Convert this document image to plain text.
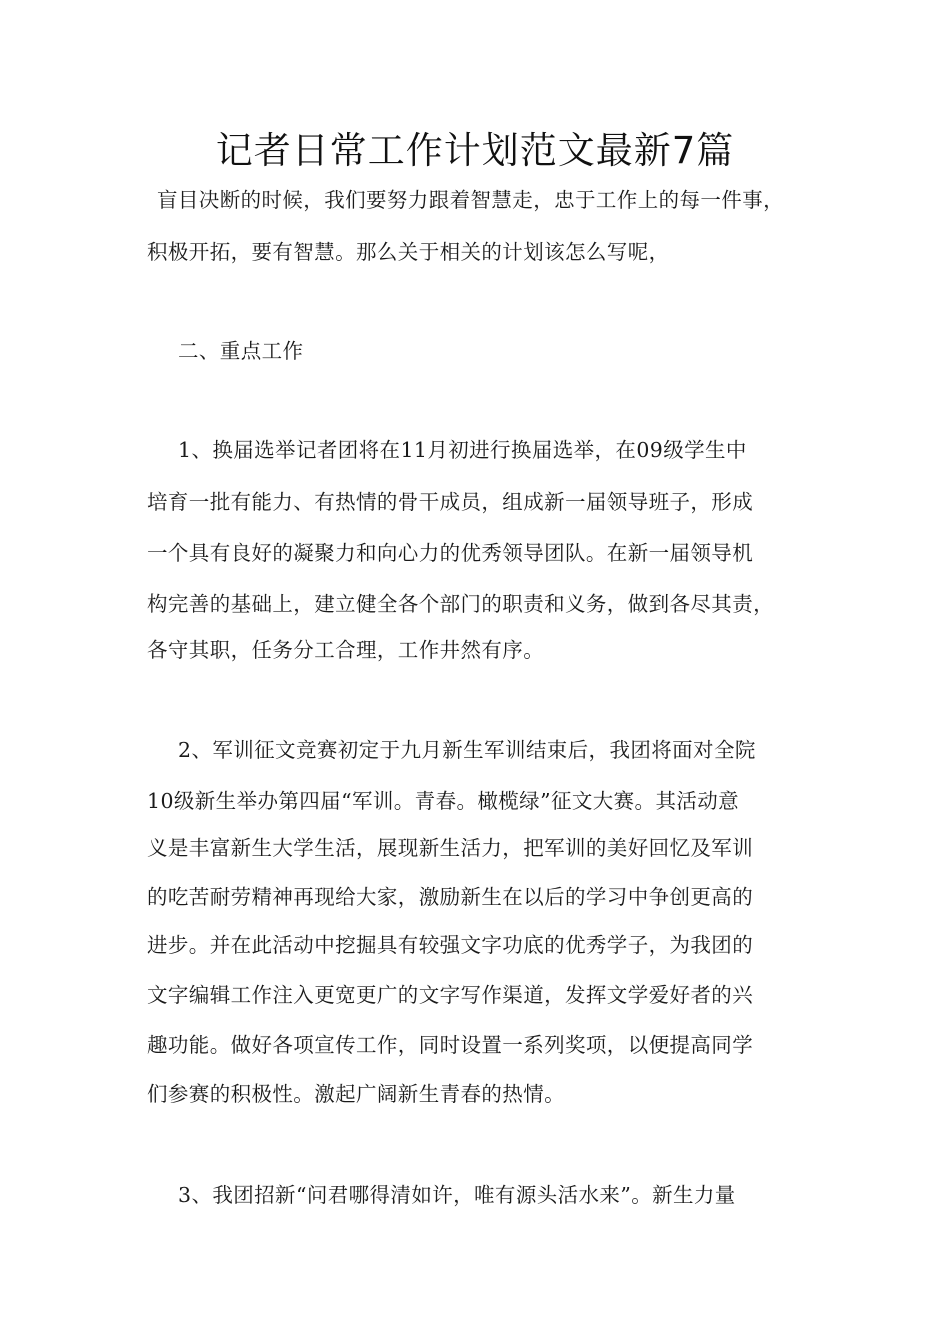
记者日常工作计划范文最新7篇
盲目决断的时候，我们要努力跟着智慧走，忠于工作上的每一件事，
积极开拓，要有智慧。那么关于相关的计划该怎么写呢，
二、重点工作
1、换届选举记者团将在11月初进行换届选举，在09级学生中
培育一批有能力、有热情的骨干成员，组成新一届领导班子，形成
一个具有良好的凝聚力和向心力的优秀领导团队。在新一届领导机
构完善的基础上，建立健全各个部门的职责和义务，做到各尽其责，
各守其职，任务分工合理，工作井然有序。
2、军训征文竞赛初定于九月新生军训结束后，我团将面对全院
10级新生举办第四届“军训。青春。橄榄绿”征文大赛。其活动意
义是丰富新生大学生活，展现新生活力，把军训的美好回忆及军训
的吃苦耐劳精神再现给大家，激励新生在以后的学习中争创更高的
进步。并在此活动中挖掘具有较强文字功底的优秀学子，为我团的
文字编辑工作注入更宽更广的文字写作渠道，发挥文学爱好者的兴
趣功能。做好各项宣传工作，同时设置一系列奖项，以便提高同学
们参赛的积极性。激起广阔新生青春的热情。
3、我团招新“问君哪得清如许，唯有源头活水来”。新生力量
